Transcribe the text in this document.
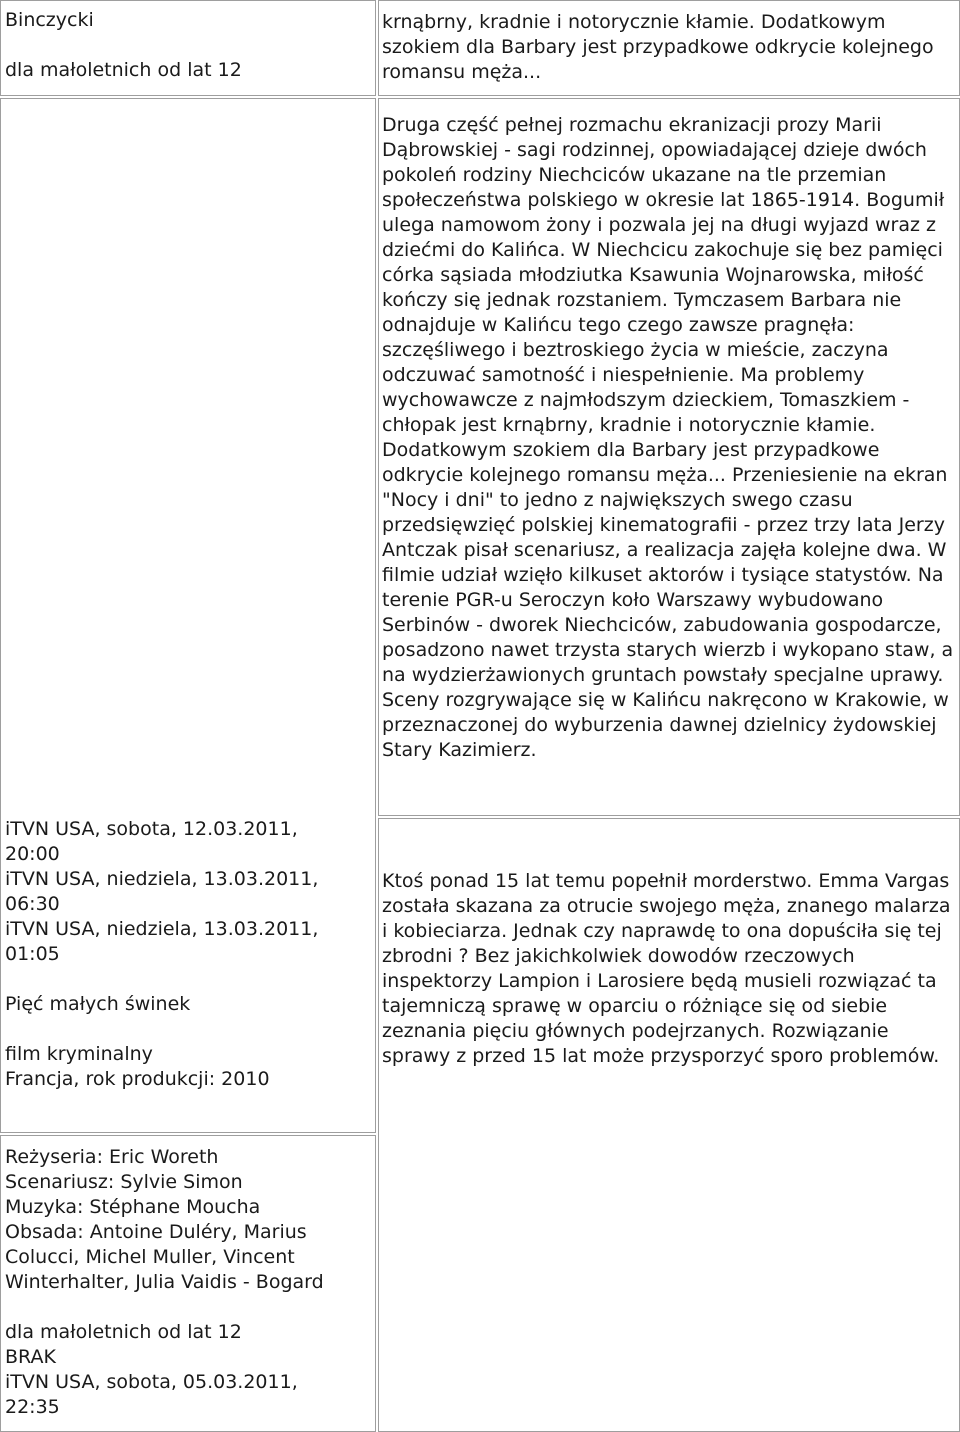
Binczycki
dla małoletnich od lat 12
krnąbrny, kradnie i notorycznie kłamie. Dodatkowym szokiem dla Barbary jest przypadkowe odkrycie kolejnego romansu męża...
iTVN USA, sobota, 12.03.2011,
20:00
iTVN USA, niedziela, 13.03.2011,
06:30
iTVN USA, niedziela, 13.03.2011,
01:05
Pięć małych świnek
film kryminalny
Francja, rok produkcji: 2010
Druga część pełnej rozmachu ekranizacji prozy Marii Dąbrowskiej - sagi rodzinnej, opowiadającej dzieje dwóch pokoleń rodziny Niechciców ukazane na tle przemian społeczeństwa polskiego w okresie lat 1865-1914. Bogumił ulega namowom żony i pozwala jej na długi wyjazd wraz z dziećmi do Kalińca. W Niechcicu zakochuje się bez pamięci córka sąsiada młodziutka Ksawunia Wojnarowska, miłość kończy się jednak rozstaniem. Tymczasem Barbara nie odnajduje w Kalińcu tego czego zawsze pragnęła: szczęśliwego i beztroskiego życia w mieście, zaczyna odczuwać samotność i niespełnienie. Ma problemy wychowawcze z najmłodszym dzieckiem, Tomaszkiem - chłopak jest krnąbrny, kradnie i notorycznie kłamie. Dodatkowym szokiem dla Barbary jest przypadkowe odkrycie kolejnego romansu męża... Przeniesienie na ekran "Nocy i dni" to jedno z największych swego czasu przedsięwzięć polskiej kinematografii - przez trzy lata Jerzy Antczak pisał scenariusz, a realizacja zajęła kolejne dwa. W filmie udział wzięło kilkuset aktorów i tysiące statystów. Na terenie PGR-u Seroczyn koło Warszawy wybudowano Serbinów - dworek Niechciców, zabudowania gospodarcze, posadzono nawet trzysta starych wierzb i wykopano staw, a na wydzierżawionych gruntach powstały specjalne uprawy. Sceny rozgrywające się w Kalińcu nakręcono w Krakowie, w przeznaczonej do wyburzenia dawnej dzielnicy żydowskiej Stary Kazimierz.
Ktoś ponad 15 lat temu popełnił morderstwo. Emma Vargas została skazana za otrucie swojego męża, znanego malarza i kobieciarza. Jednak czy naprawdę to ona dopuściła się tej zbrodni ? Bez jakichkolwiek dowodów rzeczowych inspektorzy Lampion i Larosiere będą musieli rozwiązać ta tajemniczą sprawę w oparciu o różniące się od siebie zeznania pięciu głównych podejrzanych. Rozwiązanie sprawy z przed 15 lat może przysporzyć sporo problemów.
Reżyseria: Eric Woreth
Scenariusz: Sylvie Simon
Muzyka: Stéphane Moucha
Obsada: Antoine Duléry, Marius Colucci, Michel Muller, Vincent Winterhalter, Julia Vaidis - Bogard
dla małoletnich od lat 12
BRAK
iTVN USA, sobota, 05.03.2011,
22:35
